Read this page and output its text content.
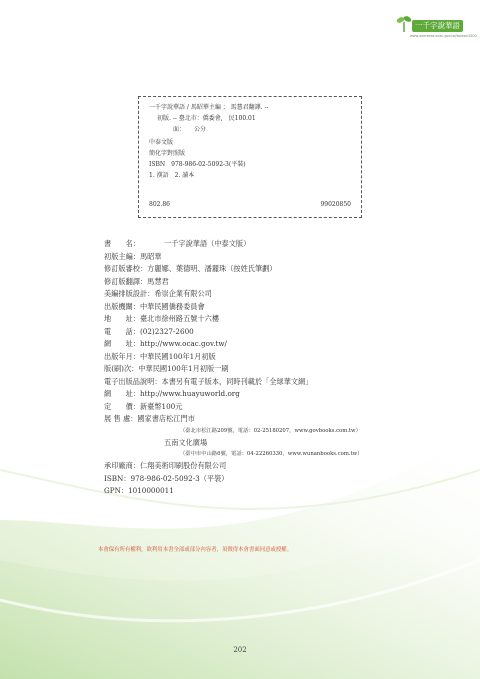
一千字說華語
www.overseas.ocac.gov.tw/taiwan1000
一千字說華語 / 馬昭華主編 ； 馬慧君翻譯. --
初版. -- 臺北市：僑委會,　民100.01
面：　　公分
中泰文版
簡化字對照版
ISBN　978-986-02-5092-3(平裝)
1. 漢語　2. 讀本
802.86	99020850
書　　名：	一千字說華語（中泰文版）
初版主編：馬昭華
修訂版審校：方麗娜、葉德明、潘麗珠（按姓氏筆劃）
修訂版翻譯：馬慧君
美編排版設計：希崇企業有限公司
出版機關：中華民國僑務委員會
地　　址：臺北市徐州路五號十六樓
電　　話：(02)2327-2600
網　　址：http://www.ocac.gov.tw/
出版年月：中華民國100年1月初版
版(刷)次：中華民國100年1月初版一刷
電子出版品說明：本書另有電子版本，同時刊載於「全球華文網」
網　　址：http://www.huayuworld.org
定　　價：新臺幣100元
展 售 處：國家書店松江門市
（臺北市松江路209號，電話：02-25180207，www.govbooks.com.tw）
五南文化廣場
（臺中市中山路6號，電話：04-22260330，www.wunanbooks.com.tw）
承印廠商：仁翔美術印刷股份有限公司
ISBN：978-986-02-5092-3（平裝）
GPN：1010000011
本會保有所有權利，欲利用本書全部或部分內容者，須徵得本會書面同意或授權。
202
